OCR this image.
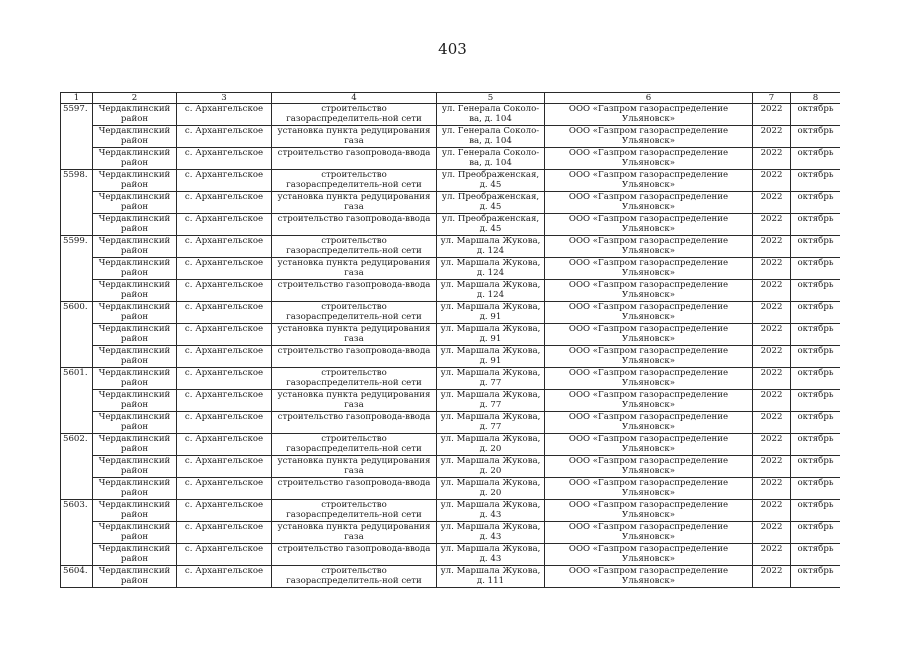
403
1	2	3	4	5	6	7	8
5597.	Чердаклинский район	с. Архангельское	строительство газораспределитель-ной сети	ул. Генерала Соколо-ва, д. 104	ООО «Газпром газораспределение Ульяновск»	2022	октябрь
	Чердаклинский район	с. Архангельское	установка пункта редуцирования газа	ул. Генерала Соколо-ва, д. 104	ООО «Газпром газораспределение Ульяновск»	2022	октябрь
	Чердаклинский район	с. Архангельское	строительство газопровода-ввода	ул. Генерала Соколо-ва, д. 104	ООО «Газпром газораспределение Ульяновск»	2022	октябрь
5598.	Чердаклинский район	с. Архангельское	строительство газораспределитель-ной сети	ул. Преображенская, д. 45	ООО «Газпром газораспределение Ульяновск»	2022	октябрь
	Чердаклинский район	с. Архангельское	установка пункта редуцирования газа	ул. Преображенская, д. 45	ООО «Газпром газораспределение Ульяновск»	2022	октябрь
	Чердаклинский район	с. Архангельское	строительство газопровода-ввода	ул. Преображенская, д. 45	ООО «Газпром газораспределение Ульяновск»	2022	октябрь
5599.	Чердаклинский район	с. Архангельское	строительство газораспределитель-ной сети	ул. Маршала Жукова, д. 124	ООО «Газпром газораспределение Ульяновск»	2022	октябрь
	Чердаклинский район	с. Архангельское	установка пункта редуцирования газа	ул. Маршала Жукова, д. 124	ООО «Газпром газораспределение Ульяновск»	2022	октябрь
	Чердаклинский район	с. Архангельское	строительство газопровода-ввода	ул. Маршала Жукова, д. 124	ООО «Газпром газораспределение Ульяновск»	2022	октябрь
5600.	Чердаклинский район	с. Архангельское	строительство газораспределитель-ной сети	ул. Маршала Жукова, д. 91	ООО «Газпром газораспределение Ульяновск»	2022	октябрь
	Чердаклинский район	с. Архангельское	установка пункта редуцирования газа	ул. Маршала Жукова, д. 91	ООО «Газпром газораспределение Ульяновск»	2022	октябрь
	Чердаклинский район	с. Архангельское	строительство газопровода-ввода	ул. Маршала Жукова, д. 91	ООО «Газпром газораспределение Ульяновск»	2022	октябрь
5601.	Чердаклинский район	с. Архангельское	строительство газораспределитель-ной сети	ул. Маршала Жукова, д. 77	ООО «Газпром газораспределение Ульяновск»	2022	октябрь
	Чердаклинский район	с. Архангельское	установка пункта редуцирования газа	ул. Маршала Жукова, д. 77	ООО «Газпром газораспределение Ульяновск»	2022	октябрь
	Чердаклинский район	с. Архангельское	строительство газопровода-ввода	ул. Маршала Жукова, д. 77	ООО «Газпром газораспределение Ульяновск»	2022	октябрь
5602.	Чердаклинский район	с. Архангельское	строительство газораспределитель-ной сети	ул. Маршала Жукова, д. 20	ООО «Газпром газораспределение Ульяновск»	2022	октябрь
	Чердаклинский район	с. Архангельское	установка пункта редуцирования газа	ул. Маршала Жукова, д. 20	ООО «Газпром газораспределение Ульяновск»	2022	октябрь
	Чердаклинский район	с. Архангельское	строительство газопровода-ввода	ул. Маршала Жукова, д. 20	ООО «Газпром газораспределение Ульяновск»	2022	октябрь
5603.	Чердаклинский район	с. Архангельское	строительство газораспределитель-ной сети	ул. Маршала Жукова, д. 43	ООО «Газпром газораспределение Ульяновск»	2022	октябрь
	Чердаклинский район	с. Архангельское	установка пункта редуцирования газа	ул. Маршала Жукова, д. 43	ООО «Газпром газораспределение Ульяновск»	2022	октябрь
	Чердаклинский район	с. Архангельское	строительство газопровода-ввода	ул. Маршала Жукова, д. 43	ООО «Газпром газораспределение Ульяновск»	2022	октябрь
5604.	Чердаклинский район	с. Архангельское	строительство газораспределитель-ной сети	ул. Маршала Жукова, д. 111	ООО «Газпром газораспределение Ульяновск»	2022	октябрь
